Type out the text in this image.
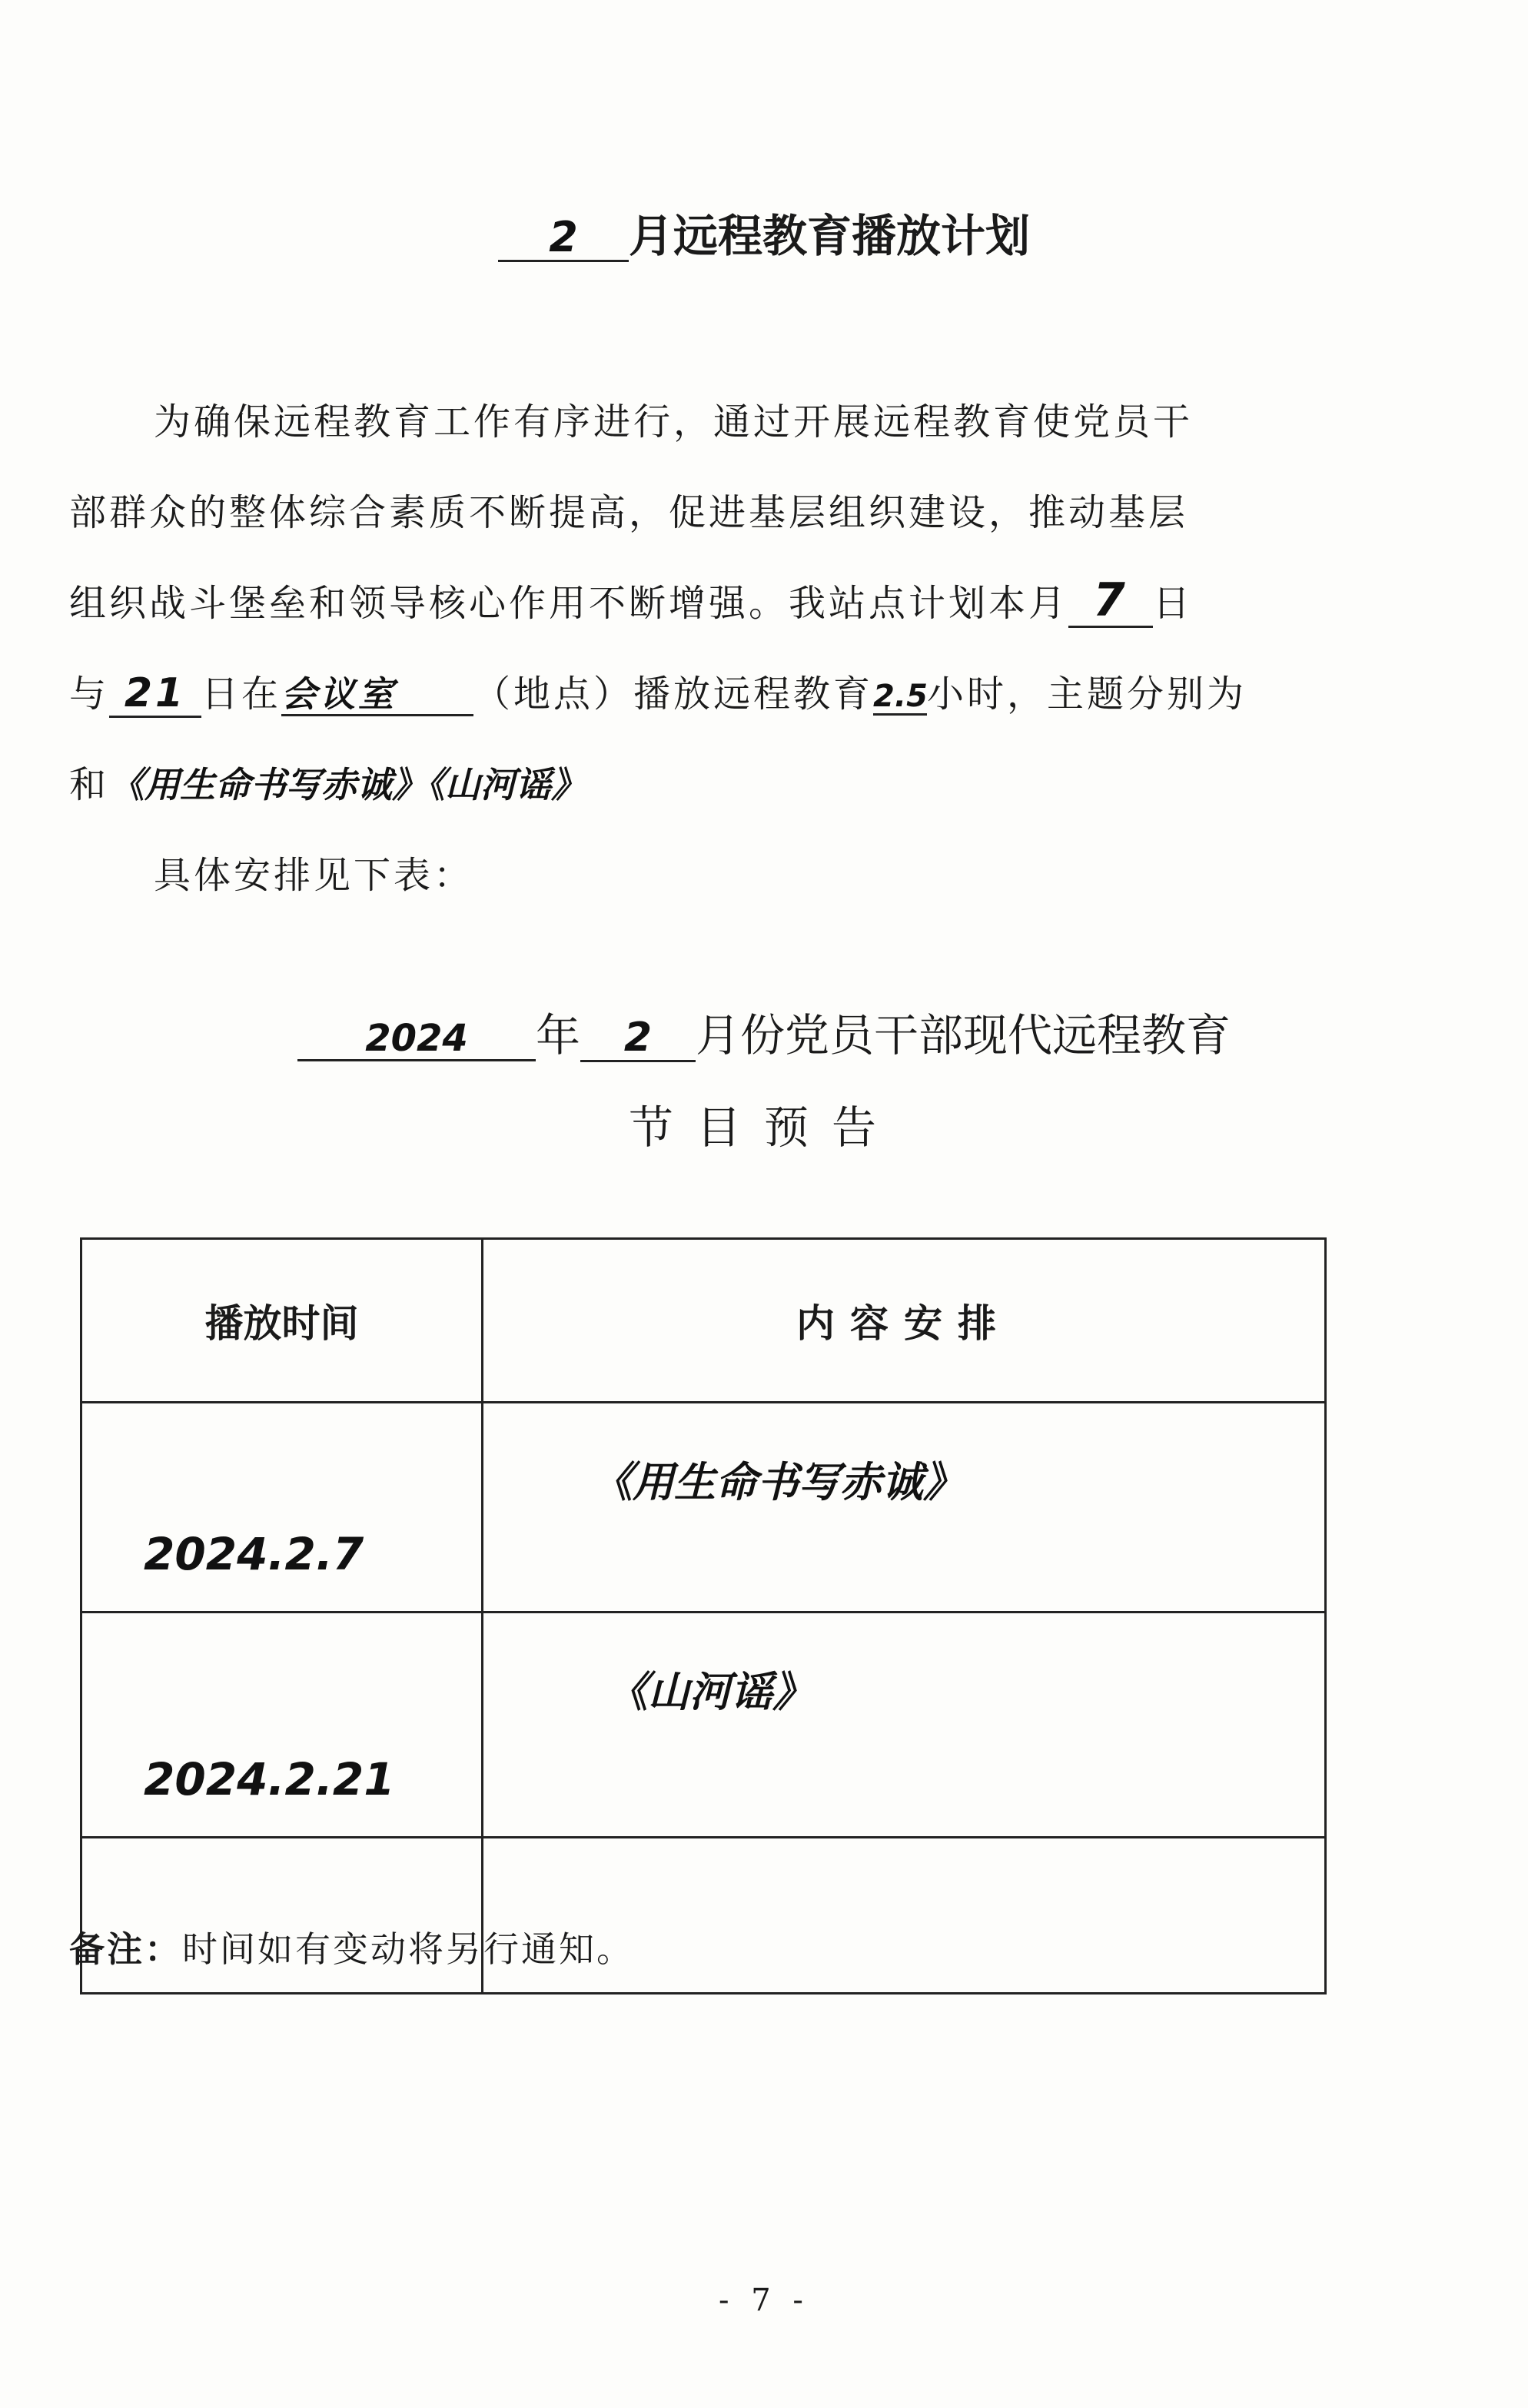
2 月远程教育播放计划
为确保远程教育工作有序进行，通过开展远程教育使党员干
部群众的整体综合素质不断提高，促进基层组织建设，推动基层
组织战斗堡垒和领导核心作用不断增强。我站点计划本月 7 日
与 21 日在会议室 （地点）播放远程教育2.5小时，主题分别为
和《用生命书写赤诚》《山河谣》
具体安排见下表：
2024 年 2 月份党员干部现代远程教育
节目预告
播放时间	内容安排
2024.2.7	《用生命书写赤诚》
2024.2.21	《山河谣》

备注：时间如有变动将另行通知。
- 7 -
